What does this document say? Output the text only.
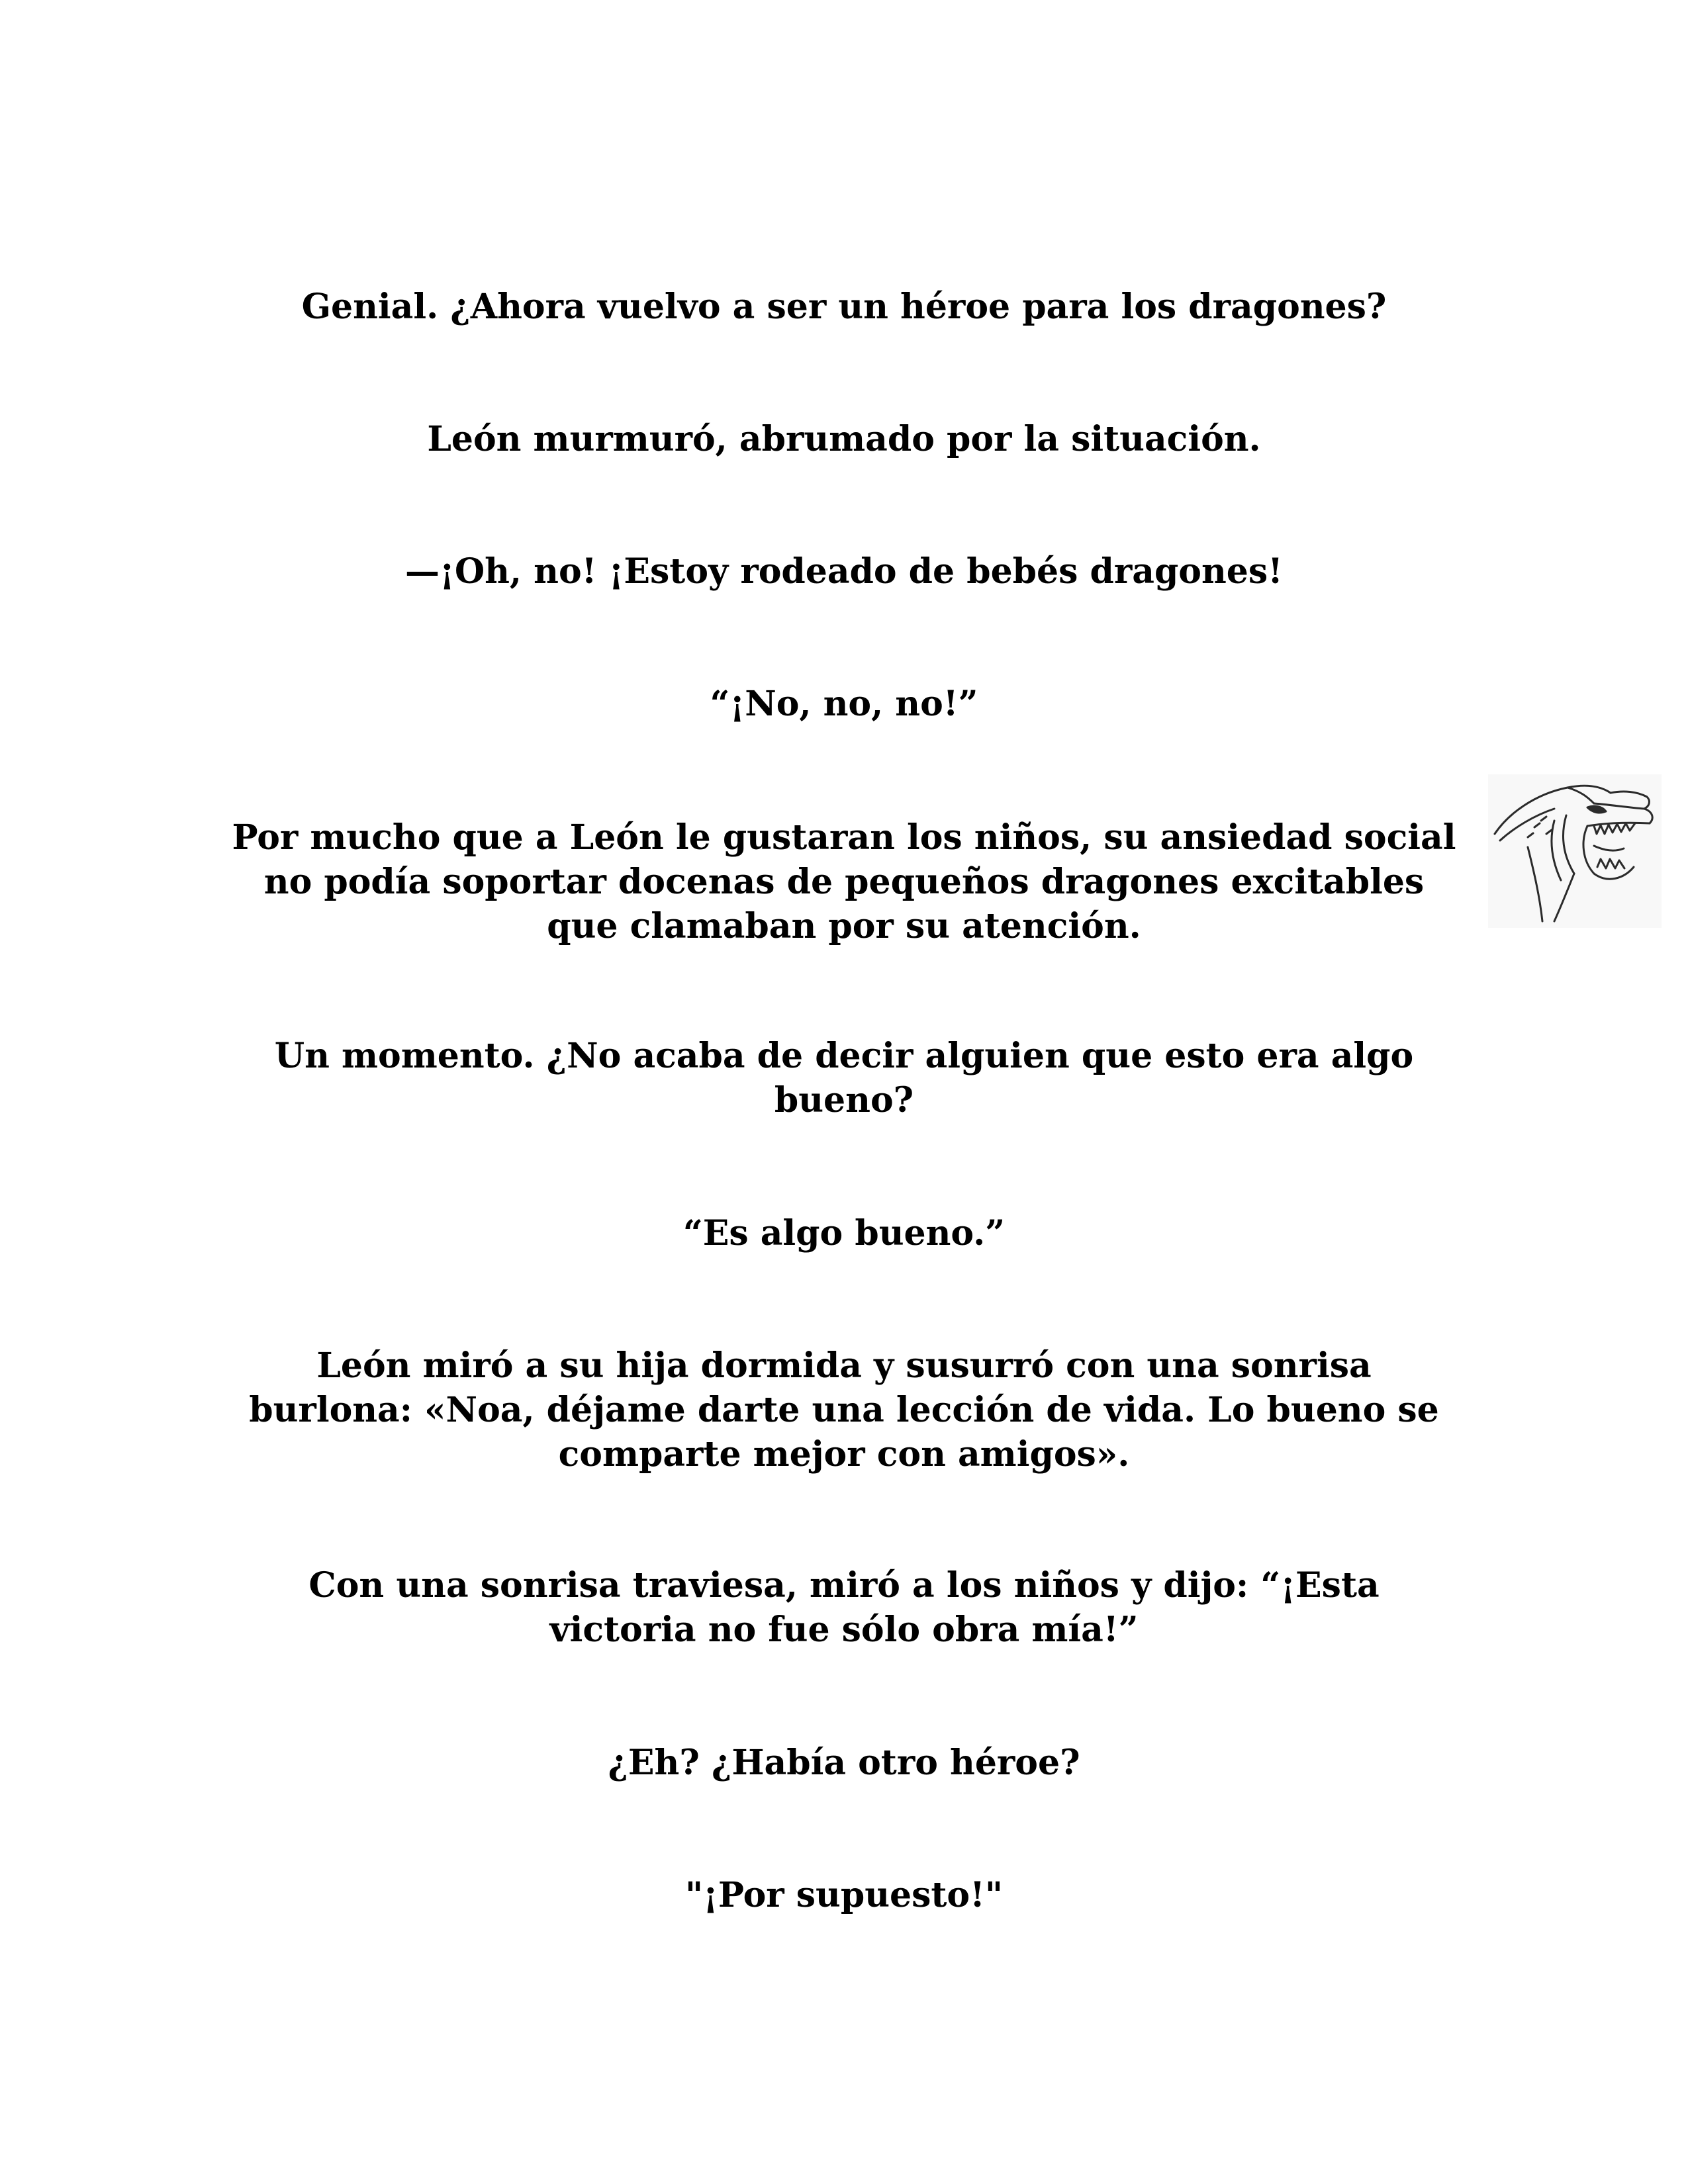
Genial. ¿Ahora vuelvo a ser un héroe para los dragones?

León murmuró, abrumado por la situación.

—¡Oh, no! ¡Estoy rodeado de bebés dragones!

“¡No, no, no!”

Por mucho que a León le gustaran los niños, su ansiedad social no podía soportar docenas de pequeños dragones excitables que clamaban por su atención.

Un momento. ¿No acaba de decir alguien que esto era algo bueno?

“Es algo bueno.”

León miró a su hija dormida y susurró con una sonrisa burlona: «Noa, déjame darte una lección de vida. Lo bueno se comparte mejor con amigos».

Con una sonrisa traviesa, miró a los niños y dijo: “¡Esta victoria no fue sólo obra mía!”

¿Eh? ¿Había otro héroe?

"¡Por supuesto!"
